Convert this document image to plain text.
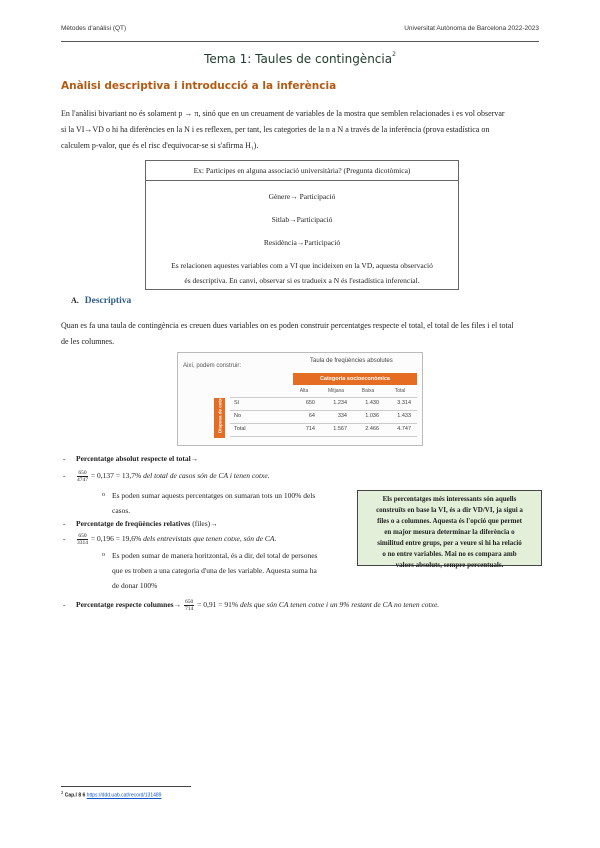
Mètodes d'anàlisi (QT)	Universitat Autònoma de Barcelona 2022-2023
Tema 1: Taules de contingència$^2$
Anàlisi descriptiva i introducció a la inferència
En l'anàlisi bivariant no és solament p → π, sinó que en un creuament de variables de la mostra que semblen relacionades i es vol observar
si la VI→VD o hi ha diferències en la N i es reflexen, per tant, les categories de la n a N a través de la inferència (prova estadística on
calculem p-valor, que és el risc d'equivocar-se si s'afirma H₁).
Ex: Participes en alguna associació universitària? (Pregunta dicotòmica)
Gènere→ Participació
Sitlab→Participació
Residència→Participació
Es relacionen aquestes variables com a VI que incideixen en la VD, aquesta observació
és descriptiva. En canvi, observar si es tradueix a N és l'estadística inferencial.
A. Descriptiva
Quan es fa una taula de contingència es creuen dues variables on es poden construir percentatges respecte el total, el total de les files i el total
de les columnes.
Així, podem construir:
Taula de freqüències absolutes
Categoria socioeconòmica
Alta	Mitjana	Baixa	Total
Disposa de cotxe Sí	650	1.234	1.430	3.314
No	64	334	1.036	1.433
Total	714	1.567	2.466	4.747
- Percentatge absolut respecte el total→
- $\frac{650}{4747} = 0,137 = 13,7\%$ del total de casos són de CA i tenen cotxe.
o Es poden sumar aquests percentatges on sumaran tots un 100% dels
casos.
- Percentatge de freqüències relatives (files)→
- $\frac{650}{3314} = 0,196 = 19,6\%$ dels entrevistats que tenen cotxe, són de CA.
o Es poden sumar de manera horitzontal, és a dir, del total de persones
que es troben a una categoria d'una de les variable. Aquesta suma ha
de donar 100%
- Percentatge respecte columnes→ $\frac{650}{714} = 0,91 = 91\%$ dels que són CA tenen cotxe i un 9% restant de CA no tenen cotxe.
Els percentatges més interessants són aquells
construïts en base la VI, és a dir VD/VI, ja sigui a
files o a columnes. Aquesta és l'opció que permet
en major mesura determinar la diferència o
similitud entre grups, per a veure si hi ha relació
o no entre variables. Mai no es compara amb
valors absoluts, sempre percentuals.
$^2$ Cap.I 8 6 https://ddd.uab.cat/record/131489
